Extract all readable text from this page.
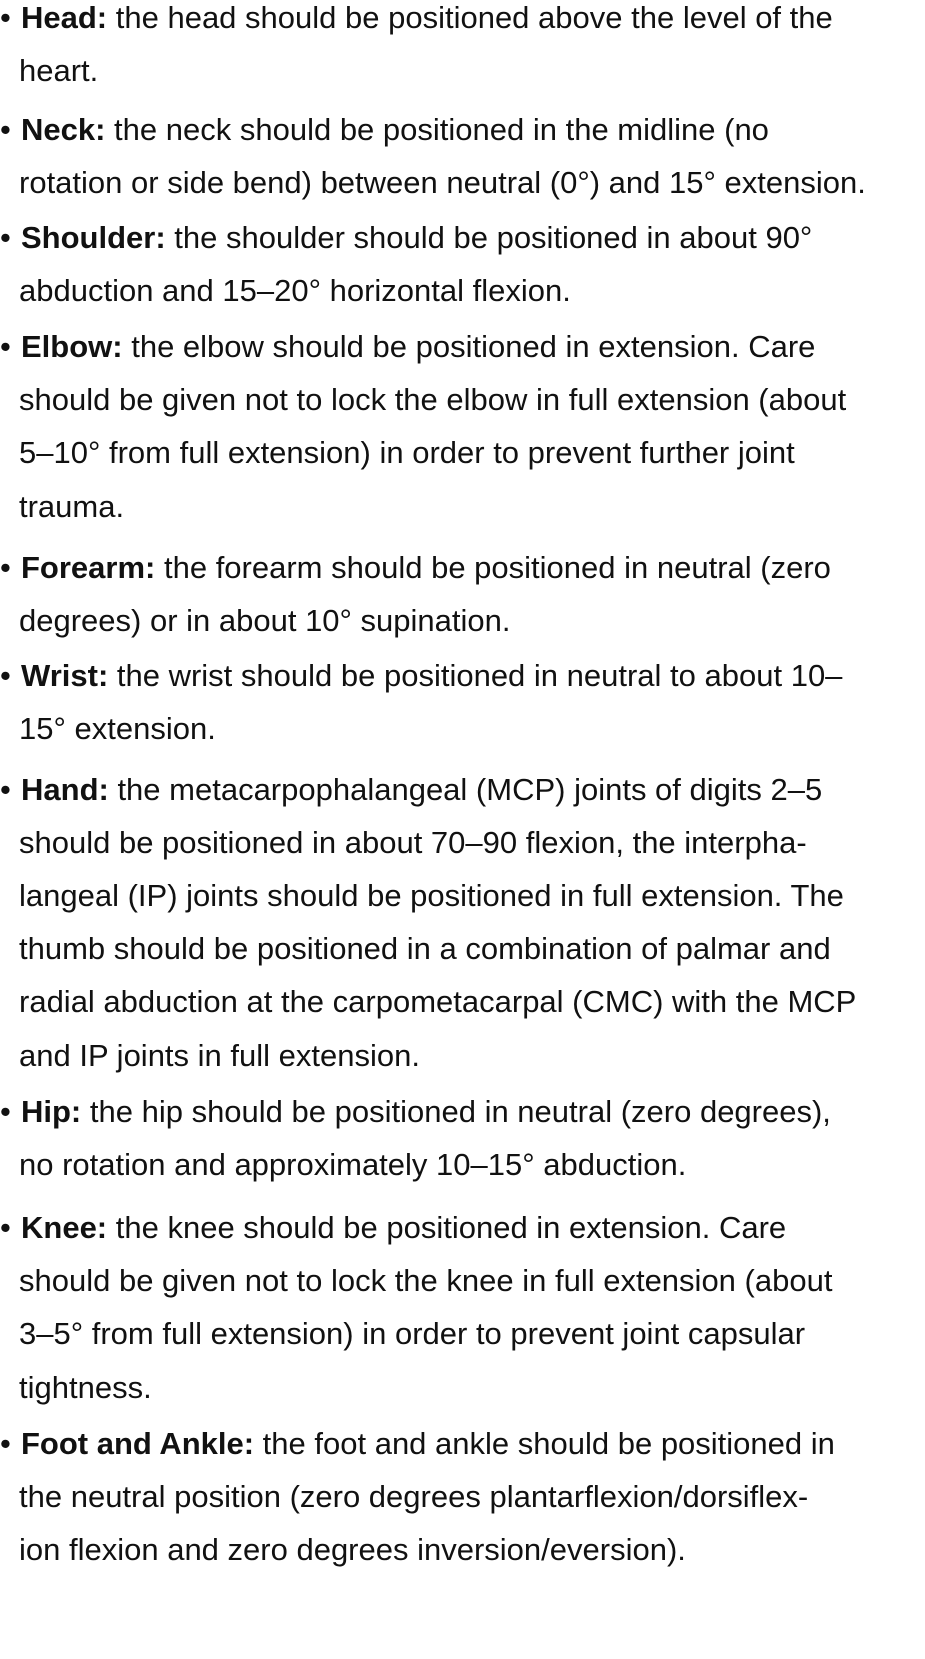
• Head: the head should be positioned above the level of the

heart.

• Neck: the neck should be positioned in the midline (no

rotation or side bend) between neutral (0°) and 15° extension.

• Shoulder: the shoulder should be positioned in about 90°

abduction and 15–20° horizontal flexion.

• Elbow: the elbow should be positioned in extension. Care

should be given not to lock the elbow in full extension (about

5–10° from full extension) in order to prevent further joint

trauma.

• Forearm: the forearm should be positioned in neutral (zero

degrees) or in about 10° supination.

• Wrist: the wrist should be positioned in neutral to about 10–

15° extension.

• Hand: the metacarpophalangeal (MCP) joints of digits 2–5

should be positioned in about 70–90 flexion, the interpha-

langeal (IP) joints should be positioned in full extension. The

thumb should be positioned in a combination of palmar and

radial abduction at the carpometacarpal (CMC) with the MCP

and IP joints in full extension.

• Hip: the hip should be positioned in neutral (zero degrees),

no rotation and approximately 10–15° abduction.

• Knee: the knee should be positioned in extension. Care

should be given not to lock the knee in full extension (about

3–5° from full extension) in order to prevent joint capsular

tightness.

• Foot and Ankle: the foot and ankle should be positioned in

the neutral position (zero degrees plantarflexion/dorsiflex-

ion flexion and zero degrees inversion/eversion).
